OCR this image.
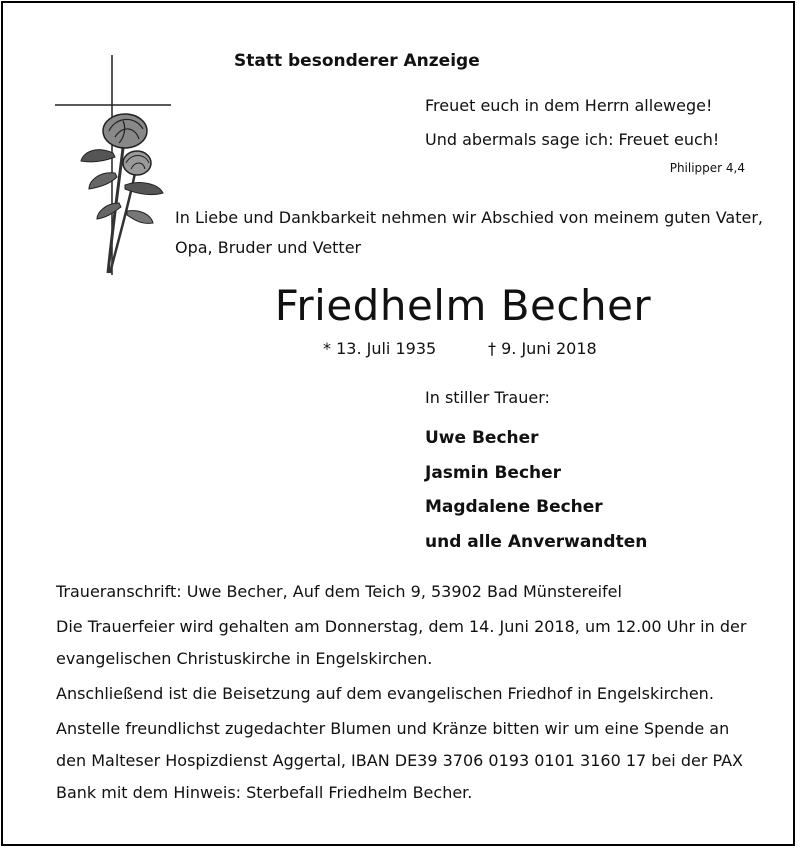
Statt besonderer Anzeige
Freuet euch in dem Herrn allewege!
Und abermals sage ich: Freuet euch!
Philipper 4,4
In Liebe und Dankbarkeit nehmen wir Abschied von meinem guten Vater, Opa, Bruder und Vetter
Friedhelm Becher
* 13. Juli 1935	† 9. Juni 2018
In stiller Trauer:
Uwe Becher
Jasmin Becher
Magdalene Becher
und alle Anverwandten
Traueranschrift: Uwe Becher, Auf dem Teich 9, 53902 Bad Münstereifel
Die Trauerfeier wird gehalten am Donnerstag, dem 14. Juni 2018, um 12.00 Uhr in der evangelischen Christuskirche in Engelskirchen.
Anschließend ist die Beisetzung auf dem evangelischen Friedhof in Engelskirchen.
Anstelle freundlichst zugedachter Blumen und Kränze bitten wir um eine Spende an den Malteser Hospizdienst Aggertal, IBAN DE39 3706 0193 0101 3160 17 bei der PAX Bank mit dem Hinweis: Sterbefall Friedhelm Becher.
